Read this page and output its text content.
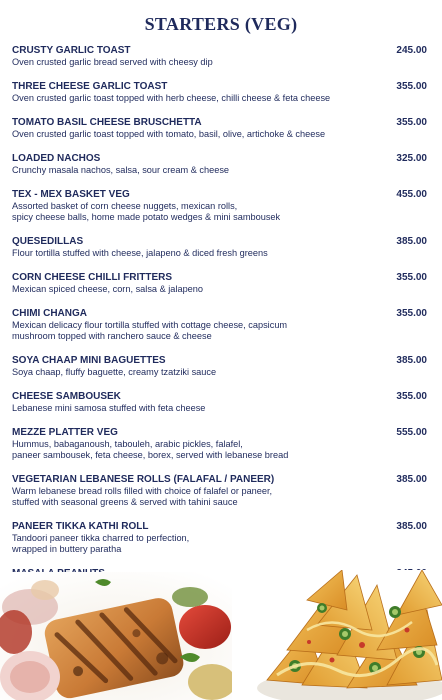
STARTERS (VEG)
CRUSTY GARLIC TOAST	245.00
Oven crusted garlic bread served with cheesy dip
THREE CHEESE GARLIC TOAST	355.00
Oven crusted garlic toast topped with herb cheese, chilli cheese & feta cheese
TOMATO BASIL CHEESE BRUSCHETTA	355.00
Oven crusted garlic toast topped with tomato, basil, olive, artichoke & cheese
LOADED NACHOS	325.00
Crunchy masala nachos, salsa, sour cream & cheese
TEX - MEX BASKET VEG	455.00
Assorted basket of corn cheese nuggets, mexican rolls,
spicy cheese balls, home made potato wedges & mini sambousek
QUESEDILLAS	385.00
Flour tortilla stuffed with cheese, jalapeno & diced fresh greens
CORN CHEESE CHILLI FRITTERS	355.00
Mexican spiced cheese, corn, salsa & jalapeno
CHIMI CHANGA	355.00
Mexican delicacy flour tortilla stuffed with cottage cheese, capsicum
mushroom topped with ranchero sauce & cheese
SOYA CHAAP MINI BAGUETTES	385.00
Soya chaap, fluffy baguette, creamy tzatziki sauce
CHEESE SAMBOUSEK	355.00
Lebanese mini samosa stuffed with feta cheese
MEZZE PLATTER VEG	555.00
Hummus, babaganoush, tabouleh, arabic pickles, falafel,
paneer sambousek, feta cheese, borex, served with lebanese bread
VEGETARIAN LEBANESE ROLLS (FALAFAL / PANEER)	385.00
Warm lebanese bread rolls filled with choice of falafel or paneer,
stuffed with seasonal greens & served with tahini sauce
PANEER TIKKA KATHI ROLL	385.00
Tandoori paneer tikka charred to perfection,
wrapped in buttery paratha
